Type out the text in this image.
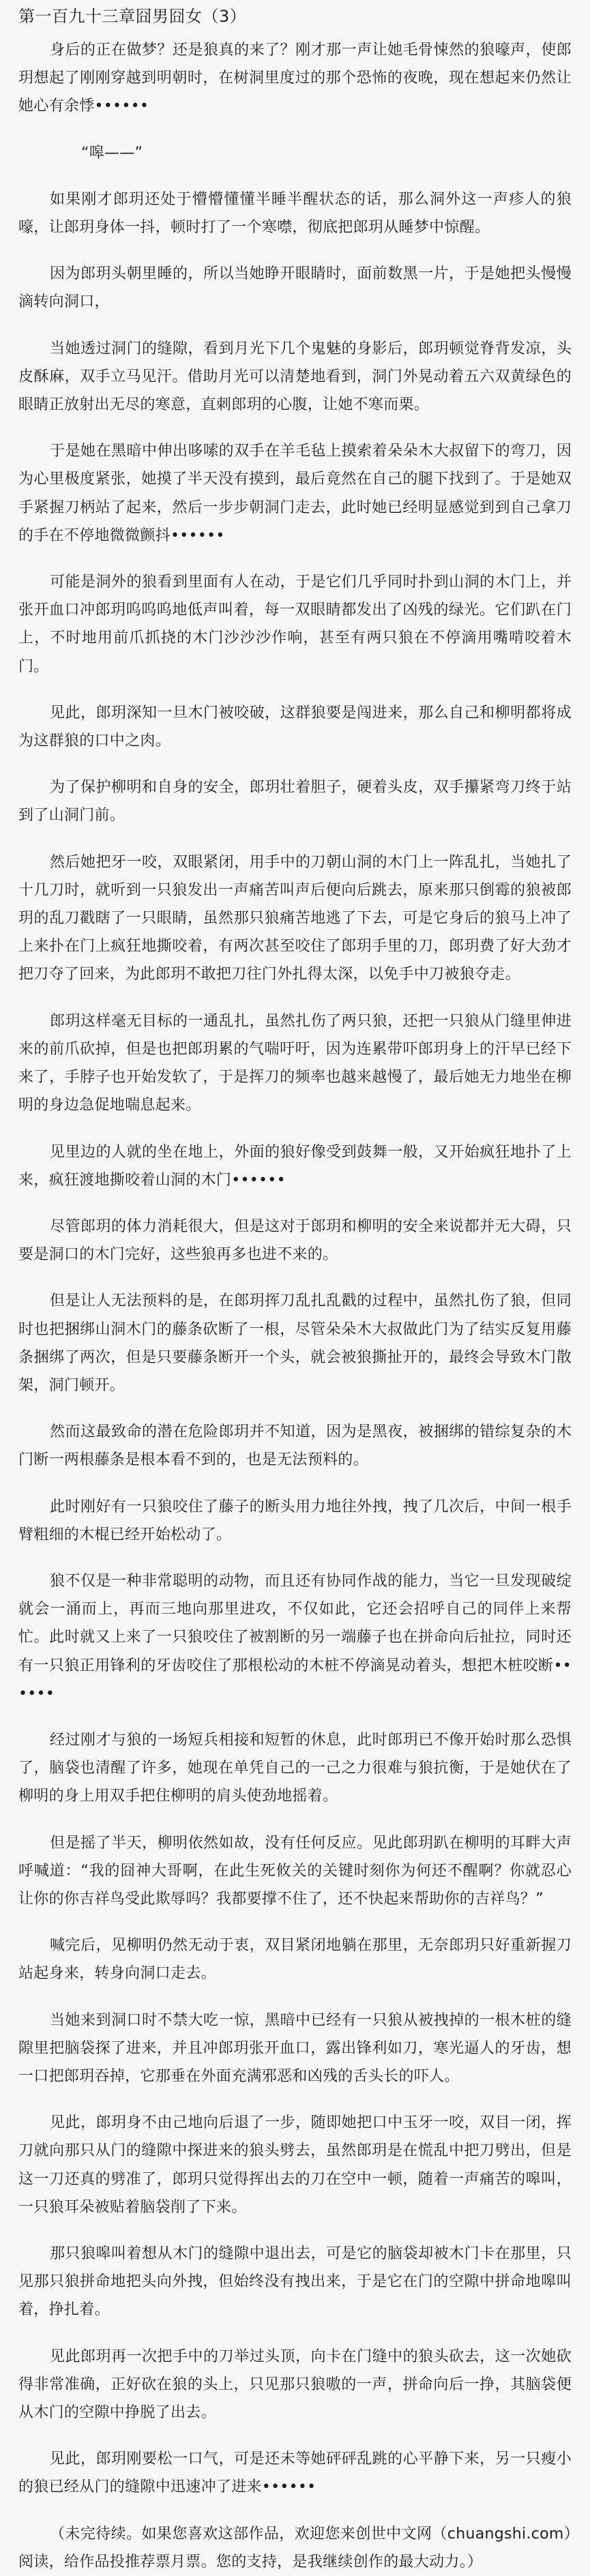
第一百九十三章囧男囧女（3）

身后的正在做梦？还是狼真的来了？刚才那一声让她毛骨悚然的狼嚎声，使郎玥想起了刚刚穿越到明朝时，在树洞里度过的那个恐怖的夜晚，现在想起来仍然让她心有余悸••••••

“嗥——”

如果刚才郎玥还处于懵懵懂懂半睡半醒状态的话，那么洞外这一声疹人的狼嚎，让郎玥身体一抖，顿时打了一个寒噤，彻底把郎玥从睡梦中惊醒。

因为郎玥头朝里睡的，所以当她睁开眼睛时，面前数黑一片，于是她把头慢慢滴转向洞口，

当她透过洞门的缝隙，看到月光下几个鬼魅的身影后，郎玥顿觉脊背发凉，头皮酥麻，双手立马见汗。借助月光可以清楚地看到，洞门外晃动着五六双黄绿色的眼睛正放射出无尽的寒意，直刺郎玥的心腹，让她不寒而栗。

于是她在黑暗中伸出哆嗦的双手在羊毛毡上摸索着朵朵木大叔留下的弯刀，因为心里极度紧张，她摸了半天没有摸到，最后竟然在自己的腿下找到了。于是她双手紧握刀柄站了起来，然后一步步朝洞门走去，此时她已经明显感觉到到自己拿刀的手在不停地微微颤抖••••••

可能是洞外的狼看到里面有人在动，于是它们几乎同时扑到山洞的木门上，并张开血口冲郎玥呜呜呜地低声叫着，每一双眼睛都发出了凶残的绿光。它们趴在门上，不时地用前爪抓挠的木门沙沙沙作响，甚至有两只狼在不停滴用嘴啃咬着木门。

见此，郎玥深知一旦木门被咬破，这群狼要是闯进来，那么自己和柳明都将成为这群狼的口中之肉。

为了保护柳明和自身的安全，郎玥壮着胆子，硬着头皮，双手攥紧弯刀终于站到了山洞门前。

然后她把牙一咬，双眼紧闭，用手中的刀朝山洞的木门上一阵乱扎，当她扎了十几刀时，就听到一只狼发出一声痛苦叫声后便向后跳去，原来那只倒霉的狼被郎玥的乱刀戳瞎了一只眼睛，虽然那只狼痛苦地逃了下去，可是它身后的狼马上冲了上来扑在门上疯狂地撕咬着，有两次甚至咬住了郎玥手里的刀，郎玥费了好大劲才把刀夺了回来，为此郎玥不敢把刀往门外扎得太深，以免手中刀被狼夺走。

郎玥这样毫无目标的一通乱扎，虽然扎伤了两只狼，还把一只狼从门缝里伸进来的前爪砍掉，但是也把郎玥累的气喘吁吁，因为连累带吓郎玥身上的汗早已经下来了，手脖子也开始发软了，于是挥刀的频率也越来越慢了，最后她无力地坐在柳明的身边急促地喘息起来。

见里边的人就的坐在地上，外面的狼好像受到鼓舞一般，又开始疯狂地扑了上来，疯狂渡地撕咬着山洞的木门••••••

尽管郎玥的体力消耗很大，但是这对于郎玥和柳明的安全来说都并无大碍，只要是洞口的木门完好，这些狼再多也进不来的。

但是让人无法预料的是，在郎玥挥刀乱扎乱戳的过程中，虽然扎伤了狼，但同时也把捆绑山洞木门的藤条砍断了一根，尽管朵朵木大叔做此门为了结实反复用藤条捆绑了两次，但是只要藤条断开一个头，就会被狼撕扯开的，最终会导致木门散架，洞门顿开。

然而这最致命的潜在危险郎玥并不知道，因为是黑夜，被捆绑的错综复杂的木门断一两根藤条是根本看不到的，也是无法预料的。

此时刚好有一只狼咬住了藤子的断头用力地往外拽，拽了几次后，中间一根手臂粗细的木棍已经开始松动了。

狼不仅是一种非常聪明的动物，而且还有协同作战的能力，当它一旦发现破绽就会一涌而上，再而三地向那里进攻，不仅如此，它还会招呼自己的同伴上来帮忙。此时就又上来了一只狼咬住了被割断的另一端藤子也在拼命向后扯拉，同时还有一只狼正用锋利的牙齿咬住了那根松动的木桩不停滴晃动着头，想把木桩咬断••••••

经过刚才与狼的一场短兵相接和短暂的休息，此时郎玥已不像开始时那么恐惧了，脑袋也清醒了许多，她现在单凭自己的一己之力很难与狼抗衡，于是她伏在了柳明的身上用双手把住柳明的肩头使劲地摇着。

但是摇了半天，柳明依然如故，没有任何反应。见此郎玥趴在柳明的耳畔大声呼喊道：“我的囧神大哥啊，在此生死攸关的关键时刻你为何还不醒啊？你就忍心让你的你吉祥鸟受此欺辱吗？我都要撑不住了，还不快起来帮助你的吉祥鸟？”

喊完后，见柳明仍然无动于衷，双目紧闭地躺在那里，无奈郎玥只好重新握刀站起身来，转身向洞口走去。

当她来到洞口时不禁大吃一惊，黑暗中已经有一只狼从被拽掉的一根木桩的缝隙里把脑袋探了进来，并且冲郎玥张开血口，露出锋利如刀，寒光逼人的牙齿，想一口把郎玥吞掉，它那垂在外面充满邪恶和凶残的舌头长的吓人。

见此，郎玥身不由己地向后退了一步，随即她把口中玉牙一咬，双目一闭，挥刀就向那只从门的缝隙中探进来的狼头劈去，虽然郎玥是在慌乱中把刀劈出，但是这一刀还真的劈准了，郎玥只觉得挥出去的刀在空中一顿，随着一声痛苦的嗥叫，一只狼耳朵被贴着脑袋削了下来。

那只狼嗥叫着想从木门的缝隙中退出去，可是它的脑袋却被木门卡在那里，只见那只狼拼命地把头向外拽，但始终没有拽出来，于是它在门的空隙中拼命地嗥叫着，挣扎着。

见此郎玥再一次把手中的刀举过头顶，向卡在门缝中的狼头砍去，这一次她砍得非常准确，正好砍在狼的头上，只见那只狼嗷的一声，拼命向后一挣，其脑袋便从木门的空隙中挣脱了出去。

见此，郎玥刚要松一口气，可是还未等她砰砰乱跳的心平静下来，另一只瘦小的狼已经从门的缝隙中迅速冲了进来••••••

（未完待续。如果您喜欢这部作品，欢迎您来创世中文网（chuangshi.com）阅读，给作品投推荐票月票。您的支持，是我继续创作的最大动力。）
